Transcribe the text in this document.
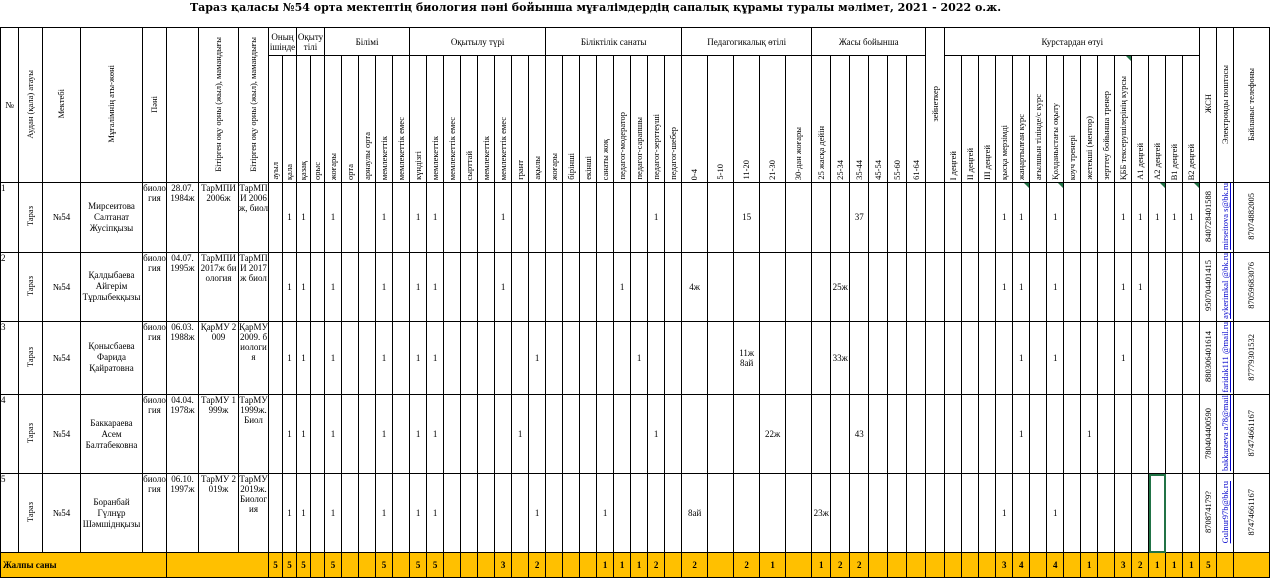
Тараз қаласы №54 орта мектептің биология пәні бойынша мұғалімдердің сапалық құрамы туралы мәлімет, 2021 - 2022 о.ж.
№	Аудан (қала) атауы	Мектебі	Мұғалімнің аты-жөні	Пәні		Бітірген оқу орны (жыл), мамандығы	Бітірген оқу орны (жыл), мамандығы	Оның ішінде		Оқыту тілі		Білімі					Оқытылу түрі								Біліктілік санаты								Педагогикалық өтілі					Жасы бойынша						зейнеткер	Курстардан өтуі															ЖСН	Электронды поштасы	Байланыс телефоны
								ауыл	қала	қазақ	орыс	жоғары	орта	арнаулы орта	мемлекеттік	мемлекеттік емес	күндізгі	мемлекеттік	мемлекеттік емес	сырттай	мемлекеттік	мемлекеттік емес	грант	ақылы	жоғары	бірінші	екінші	санаты жоқ	педагог-модератор	педагог-сарапшы	педагог-зерттеуші	педагог-шебер	0-4	5-10	11-20	21-30	30-дан жоғары	25 жасқа дейін	25-34	35-44	45-54	55-60	61-64		I деңгей	II деңгей	III деңгей	қысқа мерзімді	жаңартылған курс	ағылшын тілінде/с курс	Қолданыстағы оқыту	коуч тренері	жетекші (ментор)	зерттеу бойынша тренер	ҚББ тексерушілерінің курсы	A1 деңгей	A2 деңгей	B1 деңгей	B2 деңгей			
1	Тараз	№54	Мирсеитова Салтанат Жусіпқызы	биология	28.07. 1984ж	ТарМПИ 2006ж	ТарМПИ 2006ж, биол		1	1		1			1		1	1				1									1				15					37								1	1		1				1	1	1	1	1	840728401588	mirseitova s@bk.ru	87074882005
2	Тараз	№54	Қалдыбаева Айгерім Тұрлыбекқызы	биология	04.07. 1995ж	ТарМПИ 2017ж биология	ТарМПИ 2017ж биол		1	1		1			1		1	1				1							1				4ж						25ж									1	1		1				1	1				950704401415	aykerimkal @bk.ru	87059683076
3	Тараз	№54	Қонысбаева Фарида Қайратовна	биология	06.03. 1988ж	ҚарМУ 2009	ҚарМУ 2009. биология		1	1		1			1		1	1						1						1					11ж 8ай				33ж										1		1				1					880306401614	faridak111 @mail.ru	87779301532
4	Тараз	№54	Баккараева Асем Балтабековна	биология	04.04. 1978ж	ТарМУ 1999ж	ТарМУ 1999ж. Биол		1	1		1			1		1	1					1								1					22ж				43									1				1							780404400590	bakkaraeva a78@mail	87474661167
5	Тараз	№54	Боранбай Гүлнұр Шәмшіднқызы	биология	06.10. 1997ж	ТарМУ 2019ж	ТарМУ 2019ж. Биология		1	1		1			1		1	1						1				1					8ай					23ж										1			1									870874179?	Gulnur97b@bk.ru	87474661167
Жалпы саны								5	5	5		5			5		5	5				3		2				1	1	1	2		2		2	1		1	2	2								3	4		4		1		3	2	1	1	1	5		
